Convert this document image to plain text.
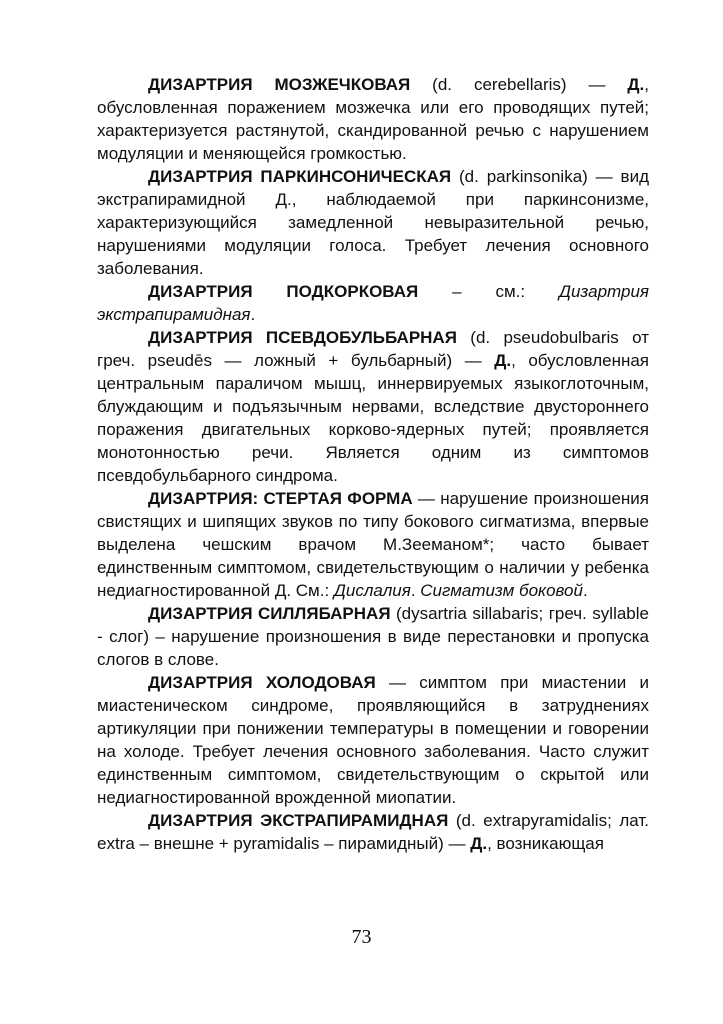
ДИЗАРТРИЯ МОЗЖЕЧКОВАЯ (d. cerebellaris) — Д., обусловленная поражением мозжечка или его проводящих путей; характеризуется растянутой, скандированной речью с нарушением модуляции и меняющейся громкостью.

ДИЗАРТРИЯ ПАРКИНСОНИЧЕСКАЯ (d. parkinsonika) — вид экстрапирамидной Д., наблюдаемой при паркинсонизме, характеризующийся замедленной невыразительной речью, нарушениями модуляции голоса. Требует лечения основного заболевания.

ДИЗАРТРИЯ ПОДКОРКОВАЯ – см.: Дизартрия экстрапирамидная.

ДИЗАРТРИЯ ПСЕВДОБУЛЬБАРНАЯ (d. pseudobulbaris от греч. pseudēs — ложный + бульбарный) — Д., обусловленная центральным параличом мышц, иннервируемых языкоглоточным, блуждающим и подъязычным нервами, вследствие двустороннего поражения двигательных корково-ядерных путей; проявляется монотонностью речи. Является одним из симптомов псевдобульбарного синдрома.

ДИЗАРТРИЯ: СТЕРТАЯ ФОРМА — нарушение произношения свистящих и шипящих звуков по типу бокового сигматизма, впервые выделена чешским врачом М.Зееманом*; часто бывает единственным симптомом, свидетельствующим о наличии у ребенка недиагностированной Д. См.: Дислалия. Сигматизм боковой.

ДИЗАРТРИЯ СИЛЛЯБАРНАЯ (dysartria sillabaris; греч. syllable - слог) – нарушение произношения в виде перестановки и пропуска слогов в слове.

ДИЗАРТРИЯ ХОЛОДОВАЯ — симптом при миастении и миастеническом синдроме, проявляющийся в затруднениях артикуляции при понижении температуры в помещении и говорении на холоде. Требует лечения основного заболевания. Часто служит единственным симптомом, свидетельствующим о скрытой или недиагностированной врожденной миопатии.

ДИЗАРТРИЯ ЭКСТРАПИРАМИДНАЯ (d. extrapyramidalis; лат. extra – внешне + pyramidalis – пирамидный) — Д., возникающая

73
